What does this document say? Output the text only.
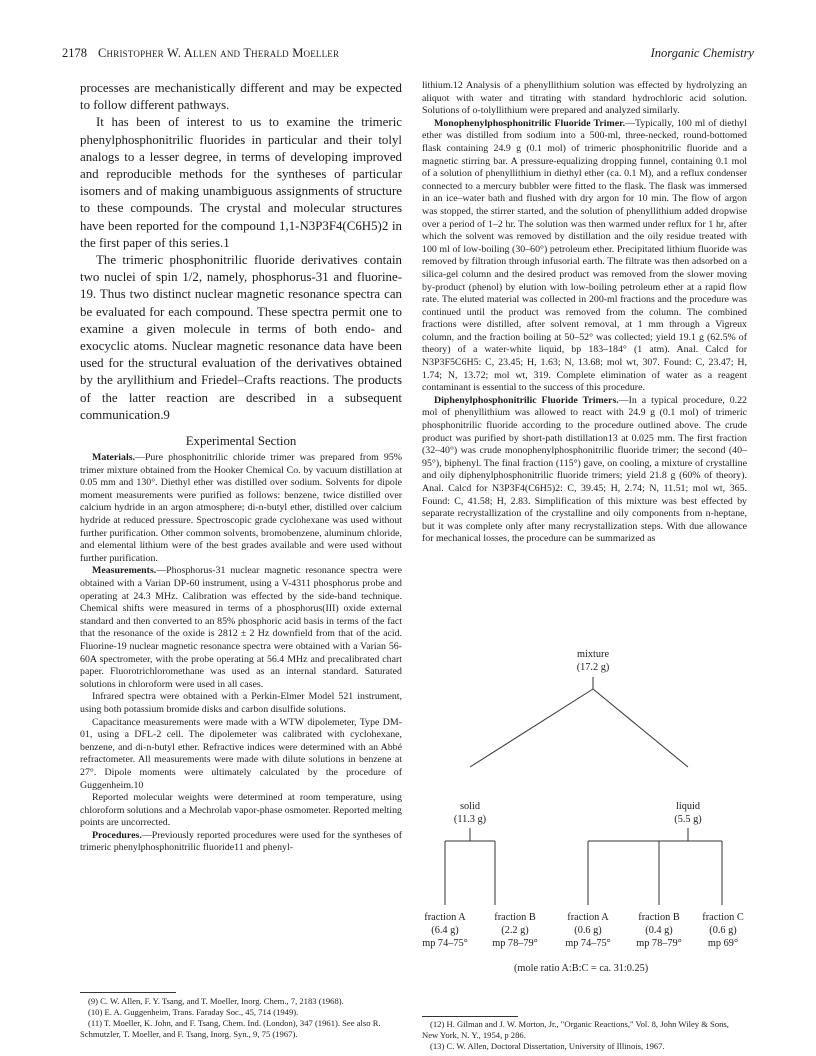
2178 Christopher W. Allen and Therald Moeller	Inorganic Chemistry

processes are mechanistically different and may be expected to follow different pathways.

It has been of interest to us to examine the trimeric phenylphosphonitrilic fluorides in particular and their tolyl analogs to a lesser degree, in terms of developing improved and reproducible methods for the syntheses of particular isomers and of making unambiguous assignments of structure to these compounds. The crystal and molecular structures have been reported for the compound 1,1-N3P3F4(C6H5)2 in the first paper of this series.1

The trimeric phosphonitrilic fluoride derivatives contain two nuclei of spin 1/2, namely, phosphorus-31 and fluorine-19. Thus two distinct nuclear magnetic resonance spectra can be evaluated for each compound. These spectra permit one to examine a given molecule in terms of both endo- and exocyclic atoms. Nuclear magnetic resonance data have been used for the structural evaluation of the derivatives obtained by the aryllithium and Friedel–Crafts reactions. The products of the latter reaction are described in a subsequent communication.9

Experimental Section

Materials.—Pure phosphonitrilic chloride trimer was prepared from 95% trimer mixture obtained from the Hooker Chemical Co. by vacuum distillation at 0.05 mm and 130°. Diethyl ether was distilled over sodium. Solvents for dipole moment measurements were purified as follows: benzene, twice distilled over calcium hydride in an argon atmosphere; di-n-butyl ether, distilled over calcium hydride at reduced pressure. Spectroscopic grade cyclohexane was used without further purification. Other common solvents, bromobenzene, aluminum chloride, and elemental lithium were of the best grades available and were used without further purification.

Measurements.—Phosphorus-31 nuclear magnetic resonance spectra were obtained with a Varian DP-60 instrument, using a V-4311 phosphorus probe and operating at 24.3 MHz. Calibration was effected by the side-band technique. Chemical shifts were measured in terms of a phosphorus(III) oxide external standard and then converted to an 85% phosphoric acid basis in terms of the fact that the resonance of the oxide is 2812 ± 2 Hz downfield from that of the acid. Fluorine-19 nuclear magnetic resonance spectra were obtained with a Varian 56-60A spectrometer, with the probe operating at 56.4 MHz and precalibrated chart paper. Fluorotrichloromethane was used as an internal standard. Saturated solutions in chloroform were used in all cases.

Infrared spectra were obtained with a Perkin-Elmer Model 521 instrument, using both potassium bromide disks and carbon disulfide solutions.

Capacitance measurements were made with a WTW dipolemeter, Type DM-01, using a DFL-2 cell. The dipolemeter was calibrated with cyclohexane, benzene, and di-n-butyl ether. Refractive indices were determined with an Abbé refractometer. All measurements were made with dilute solutions in benzene at 27°. Dipole moments were ultimately calculated by the procedure of Guggenheim.10

Reported molecular weights were determined at room temperature, using chloroform solutions and a Mechrolab vapor-phase osmometer. Reported melting points are uncorrected.

Procedures.—Previously reported procedures were used for the syntheses of trimeric phenylphosphonitrilic fluoride11 and phenyl-

(9) C. W. Allen, F. Y. Tsang, and T. Moeller, Inorg. Chem., 7, 2183 (1968).

(10) E. A. Guggenheim, Trans. Faraday Soc., 45, 714 (1949).

(11) T. Moeller, K. John, and F. Tsang, Chem. Ind. (London), 347 (1961). See also R. Schmutzler, T. Moeller, and F. Tsang, Inorg. Syn., 9, 75 (1967).

lithium.12 Analysis of a phenyllithium solution was effected by hydrolyzing an aliquot with water and titrating with standard hydrochloric acid solution. Solutions of o-tolyllithium were prepared and analyzed similarly.

Monophenylphosphonitrilic Fluoride Trimer.—Typically, 100 ml of diethyl ether was distilled from sodium into a 500-ml, three-necked, round-bottomed flask containing 24.9 g (0.1 mol) of trimeric phosphonitrilic fluoride and a magnetic stirring bar. A pressure-equalizing dropping funnel, containing 0.1 mol of a solution of phenyllithium in diethyl ether (ca. 0.1 M), and a reflux condenser connected to a mercury bubbler were fitted to the flask. The flask was immersed in an ice–water bath and flushed with dry argon for 10 min. The flow of argon was stopped, the stirrer started, and the solution of phenyllithium added dropwise over a period of 1–2 hr. The solution was then warmed under reflux for 1 hr, after which the solvent was removed by distillation and the oily residue treated with 100 ml of low-boiling (30–60°) petroleum ether. Precipitated lithium fluoride was removed by filtration through infusorial earth. The filtrate was then adsorbed on a silica-gel column and the desired product was removed from the slower moving by-product (phenol) by elution with low-boiling petroleum ether at a rapid flow rate. The eluted material was collected in 200-ml fractions and the procedure was continued until the product was removed from the column. The combined fractions were distilled, after solvent removal, at 1 mm through a Vigreux column, and the fraction boiling at 50–52° was collected; yield 19.1 g (62.5% of theory) of a water-white liquid, bp 183–184° (1 atm). Anal. Calcd for N3P3F5C6H5: C, 23.45; H, 1.63; N, 13.68; mol wt, 307. Found: C, 23.47; H, 1.74; N, 13.72; mol wt, 319. Complete elimination of water as a reagent contaminant is essential to the success of this procedure.

Diphenylphosphonitrilic Fluoride Trimers.—In a typical procedure, 0.22 mol of phenyllithium was allowed to react with 24.9 g (0.1 mol) of trimeric phosphonitrilic fluoride according to the procedure outlined above. The crude product was purified by short-path distillation13 at 0.025 mm. The first fraction (32–40°) was crude monophenylphosphonitrilic fluoride trimer; the second (40–95°), biphenyl. The final fraction (115°) gave, on cooling, a mixture of crystalline and oily diphenylphosphonitrilic fluoride trimers; yield 21.8 g (60% of theory). Anal. Calcd for N3P3F4(C6H5)2: C, 39.45; H, 2.74; N, 11.51; mol wt, 365. Found: C, 41.58; H, 2.83. Simplification of this mixture was best effected by separate recrystallization of the crystalline and oily components from n-heptane, but it was complete only after many recrystallization steps. With due allowance for mechanical losses, the procedure can be summarized as

mixture
(17.2 g)
solid
(11.3 g)
liquid
(5.5 g)
fraction A
(6.4 g)
mp 74–75°
fraction B
(2.2 g)
mp 78–79°
fraction A
(0.6 g)
mp 74–75°
fraction B
(0.4 g)
mp 78–79°
fraction C
(0.6 g)
mp 69°
(mole ratio A:B:C = ca. 31:0.25)

(12) H. Gilman and J. W. Morton, Jr., "Organic Reactions," Vol. 8, John Wiley & Sons, New York, N. Y., 1954, p 286.

(13) C. W. Allen, Doctoral Dissertation, University of Illinois, 1967.
